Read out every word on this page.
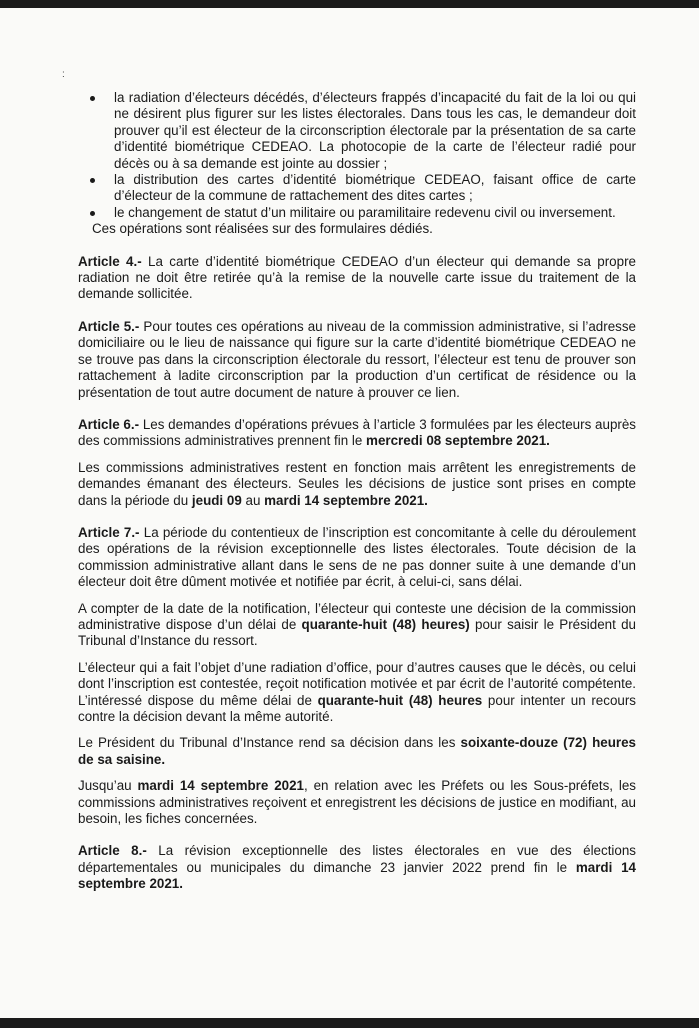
:
la radiation d’électeurs décédés, d’électeurs frappés d’incapacité du fait de la loi ou qui ne désirent plus figurer sur les listes électorales. Dans tous les cas, le demandeur doit prouver qu’il est électeur de la circonscription électorale par la présentation de sa carte d’identité biométrique CEDEAO. La photocopie de la carte de l’électeur radié pour décès ou à sa demande est jointe au dossier ;
la distribution des cartes d’identité biométrique CEDEAO, faisant office de carte d’électeur de la commune de rattachement des dites cartes ;
le changement de statut d’un militaire ou paramilitaire redevenu civil ou inversement.

Ces opérations sont réalisées sur des formulaires dédiés.

Article 4.- La carte d’identité biométrique CEDEAO d’un électeur qui demande sa propre radiation ne doit être retirée qu’à la remise de la nouvelle carte issue du traitement de la demande sollicitée.

Article 5.- Pour toutes ces opérations au niveau de la commission administrative, si l’adresse domiciliaire ou le lieu de naissance qui figure sur la carte d’identité biométrique CEDEAO ne se trouve pas dans la circonscription électorale du ressort, l’électeur est tenu de prouver son rattachement à ladite circonscription par la production d’un certificat de résidence ou la présentation de tout autre document de nature à prouver ce lien.

Article 6.- Les demandes d’opérations prévues à l’article 3 formulées par les électeurs auprès des commissions administratives prennent fin le mercredi 08 septembre 2021.

Les commissions administratives restent en fonction mais arrêtent les enregistrements de demandes émanant des électeurs. Seules les décisions de justice sont prises en compte dans la période du jeudi 09 au mardi 14 septembre 2021.

Article 7.- La période du contentieux de l’inscription est concomitante à celle du déroulement des opérations de la révision exceptionnelle des listes électorales. Toute décision de la commission administrative allant dans le sens de ne pas donner suite à une demande d’un électeur doit être dûment motivée et notifiée par écrit, à celui-ci, sans délai.

A compter de la date de la notification, l’électeur qui conteste une décision de la commission administrative dispose d’un délai de quarante-huit (48) heures) pour saisir le Président du Tribunal d’Instance du ressort.

L’électeur qui a fait l’objet d’une radiation d’office, pour d’autres causes que le décès, ou celui dont l’inscription est contestée, reçoit notification motivée et par écrit de l’autorité compétente. L’intéressé dispose du même délai de quarante-huit (48) heures pour intenter un recours contre la décision devant la même autorité.

Le Président du Tribunal d’Instance rend sa décision dans les soixante-douze (72) heures de sa saisine.

Jusqu’au mardi 14 septembre 2021, en relation avec les Préfets ou les Sous-préfets, les commissions administratives reçoivent et enregistrent les décisions de justice en modifiant, au besoin, les fiches concernées.

Article 8.- La révision exceptionnelle des listes électorales en vue des élections départementales ou municipales du dimanche 23 janvier 2022 prend fin le mardi 14 septembre 2021.
